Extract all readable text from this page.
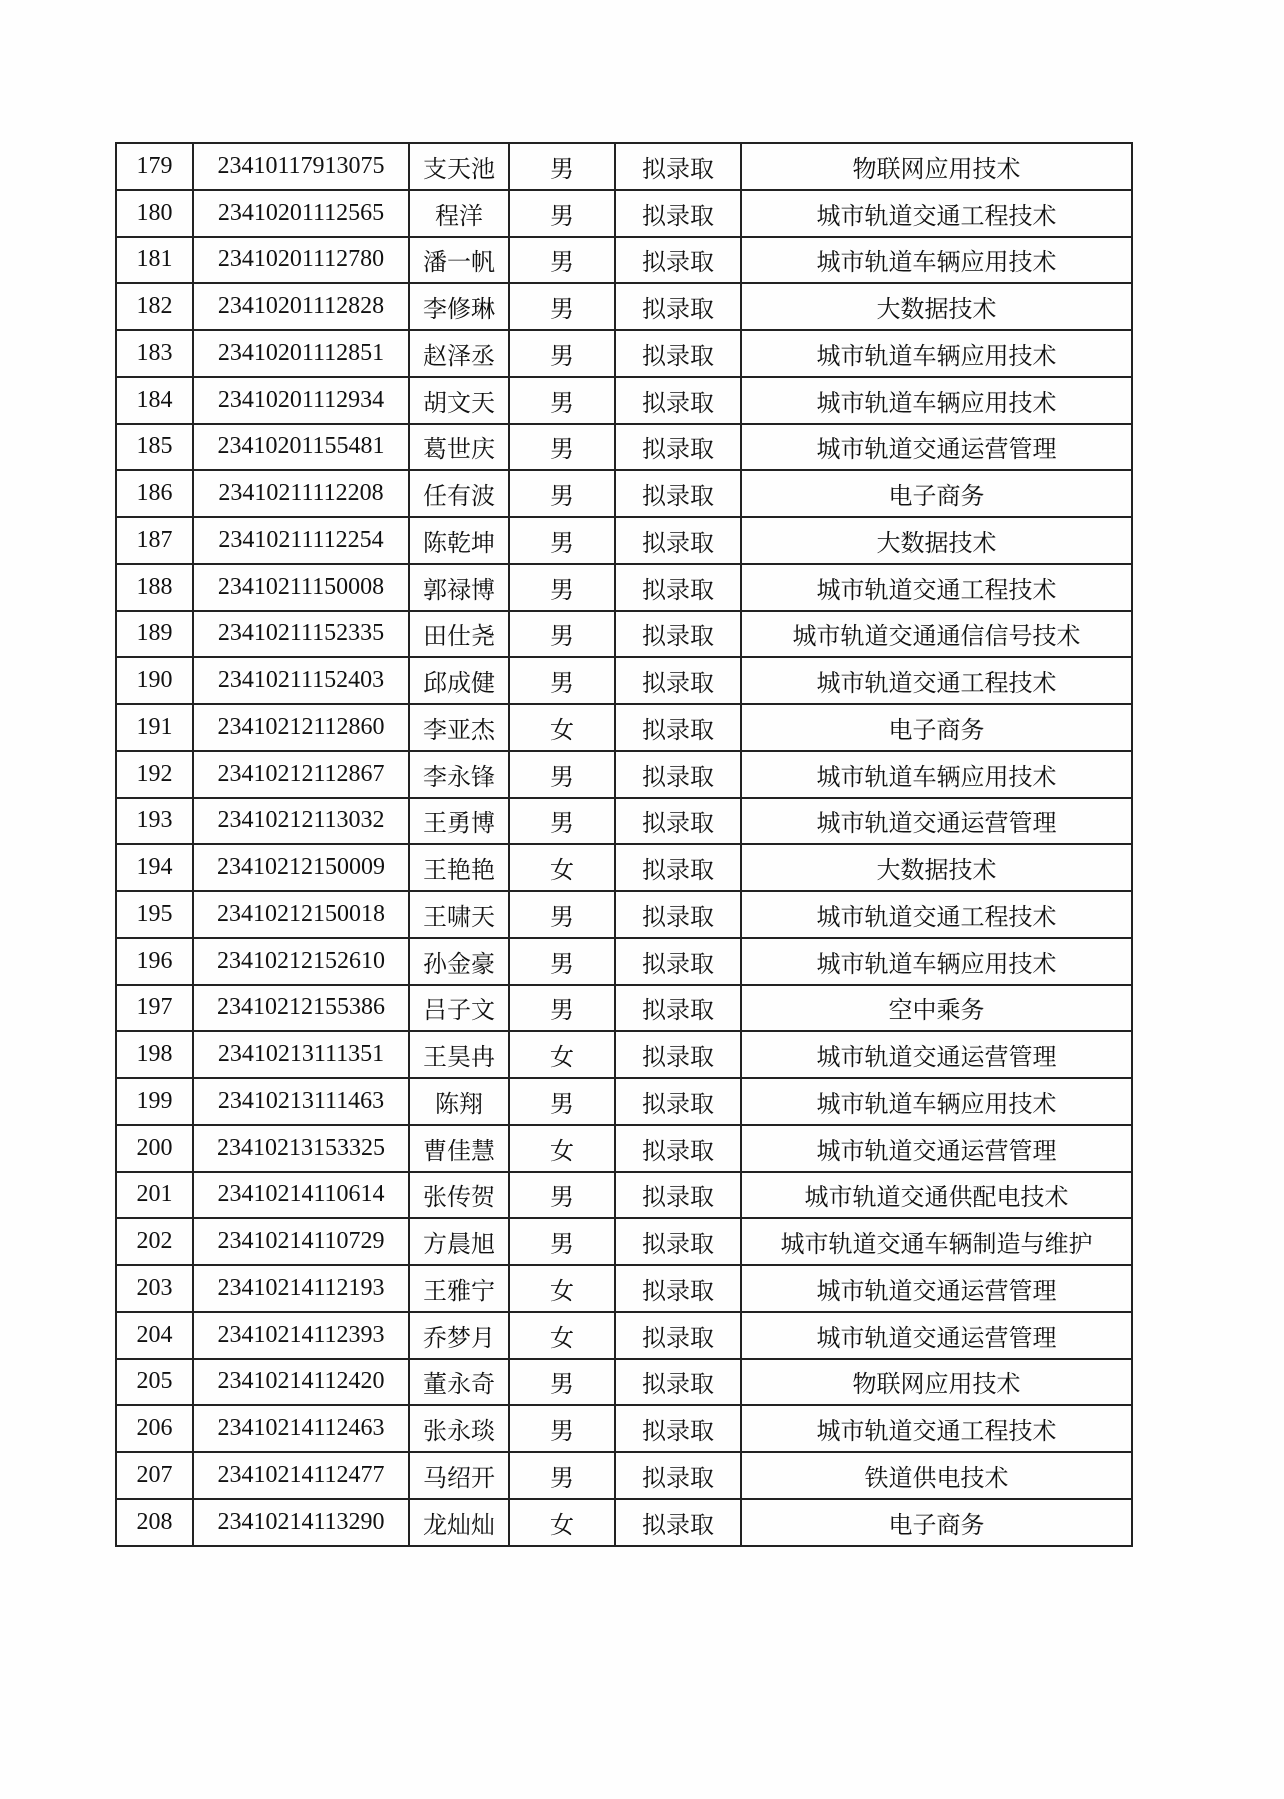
179	23410117913075	支天池	男	拟录取	物联网应用技术
180	23410201112565	程洋	男	拟录取	城市轨道交通工程技术
181	23410201112780	潘一帆	男	拟录取	城市轨道车辆应用技术
182	23410201112828	李修琳	男	拟录取	大数据技术
183	23410201112851	赵泽丞	男	拟录取	城市轨道车辆应用技术
184	23410201112934	胡文天	男	拟录取	城市轨道车辆应用技术
185	23410201155481	葛世庆	男	拟录取	城市轨道交通运营管理
186	23410211112208	任有波	男	拟录取	电子商务
187	23410211112254	陈乾坤	男	拟录取	大数据技术
188	23410211150008	郭禄博	男	拟录取	城市轨道交通工程技术
189	23410211152335	田仕尧	男	拟录取	城市轨道交通通信信号技术
190	23410211152403	邱成健	男	拟录取	城市轨道交通工程技术
191	23410212112860	李亚杰	女	拟录取	电子商务
192	23410212112867	李永锋	男	拟录取	城市轨道车辆应用技术
193	23410212113032	王勇博	男	拟录取	城市轨道交通运营管理
194	23410212150009	王艳艳	女	拟录取	大数据技术
195	23410212150018	王啸天	男	拟录取	城市轨道交通工程技术
196	23410212152610	孙金豪	男	拟录取	城市轨道车辆应用技术
197	23410212155386	吕子文	男	拟录取	空中乘务
198	23410213111351	王昊冉	女	拟录取	城市轨道交通运营管理
199	23410213111463	陈翔	男	拟录取	城市轨道车辆应用技术
200	23410213153325	曹佳慧	女	拟录取	城市轨道交通运营管理
201	23410214110614	张传贺	男	拟录取	城市轨道交通供配电技术
202	23410214110729	方晨旭	男	拟录取	城市轨道交通车辆制造与维护
203	23410214112193	王雅宁	女	拟录取	城市轨道交通运营管理
204	23410214112393	乔梦月	女	拟录取	城市轨道交通运营管理
205	23410214112420	董永奇	男	拟录取	物联网应用技术
206	23410214112463	张永琰	男	拟录取	城市轨道交通工程技术
207	23410214112477	马绍开	男	拟录取	铁道供电技术
208	23410214113290	龙灿灿	女	拟录取	电子商务
